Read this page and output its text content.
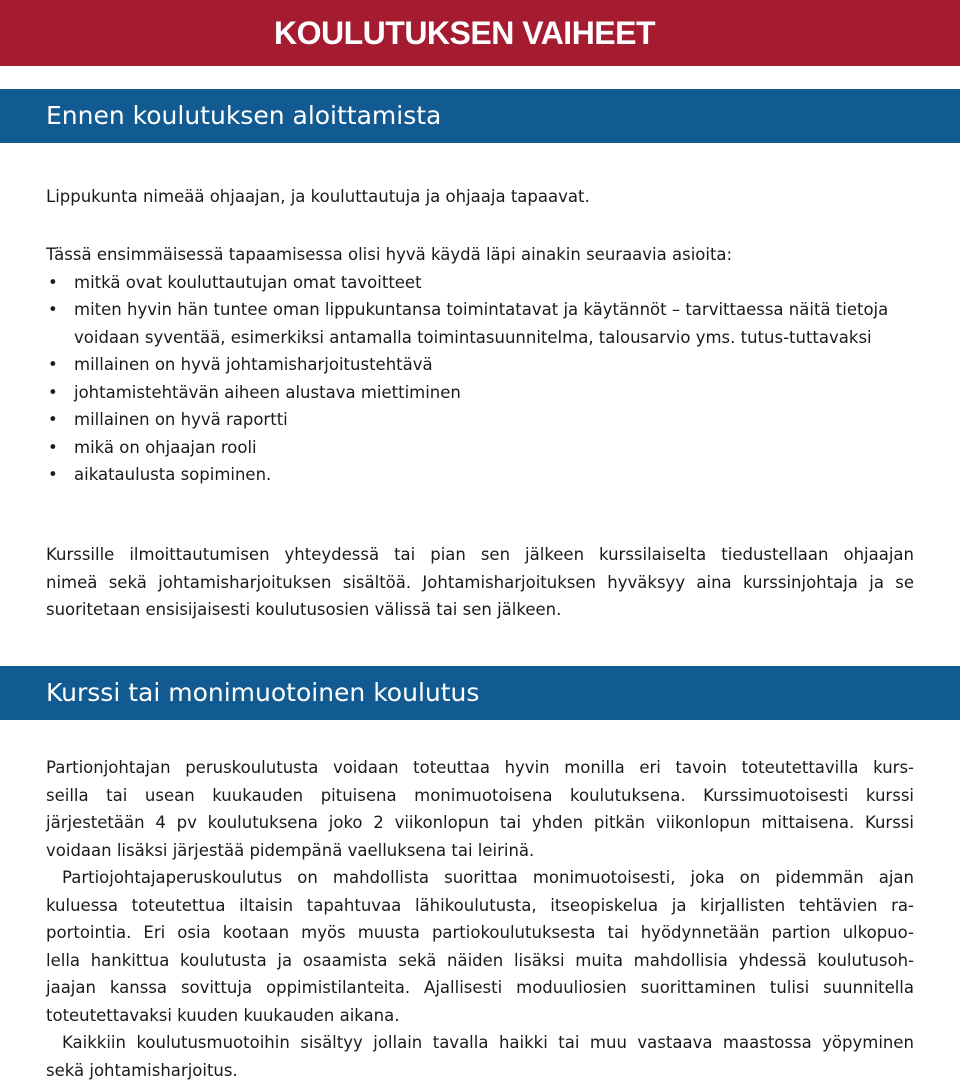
KOULUTUKSEN VAIHEET
Ennen koulutuksen aloittamista

Lippukunta nimeää ohjaajan, ja kouluttautuja ja ohjaaja tapaavat.

Tässä ensimmäisessä tapaamisessa olisi hyvä käydä läpi ainakin seuraavia asioita:
• mitkä ovat kouluttautujan omat tavoitteet
• miten hyvin hän tuntee oman lippukuntansa toimintatavat ja käytännöt – tarvittaessa näitä tietoja voidaan syventää, esimerkiksi antamalla toimintasuunnitelma, talousarvio yms. tutus-tuttavaksi
• millainen on hyvä johtamisharjoitustehtävä
• johtamistehtävän aiheen alustava miettiminen
• millainen on hyvä raportti
• mikä on ohjaajan rooli
• aikataulusta sopiminen.
Kurssille ilmoittautumisen yhteydessä tai pian sen jälkeen kurssilaiselta tiedustellaan ohjaajan
nimeä sekä johtamisharjoituksen sisältöä. Johtamisharjoituksen hyväksyy aina kurssinjohtaja ja se
suoritetaan ensisijaisesti koulutusosien välissä tai sen jälkeen.
Kurssi tai monimuotoinen koulutus
Partionjohtajan peruskoulutusta voidaan toteuttaa hyvin monilla eri tavoin toteutettavilla kurs-
seilla tai usean kuukauden pituisena monimuotoisena koulutuksena. Kurssimuotoisesti kurssi
järjestetään 4 pv koulutuksena joko 2 viikonlopun tai yhden pitkän viikonlopun mittaisena. Kurssi
voidaan lisäksi järjestää pidempänä vaelluksena tai leirinä.
Partiojohtajaperuskoulutus on mahdollista suorittaa monimuotoisesti, joka on pidemmän ajan
kuluessa toteutettua iltaisin tapahtuvaa lähikoulutusta, itseopiskelua ja kirjallisten tehtävien ra-
portointia. Eri osia kootaan myös muusta partiokoulutuksesta tai hyödynnetään partion ulkopuo-
lella hankittua koulutusta ja osaamista sekä näiden lisäksi muita mahdollisia yhdessä koulutusoh-
jaajan kanssa sovittuja oppimistilanteita. Ajallisesti moduuliosien suorittaminen tulisi suunnitella
toteutettavaksi kuuden kuukauden aikana.
Kaikkiin koulutusmuotoihin sisältyy jollain tavalla haikki tai muu vastaava maastossa yöpyminen
sekä johtamisharjoitus.
